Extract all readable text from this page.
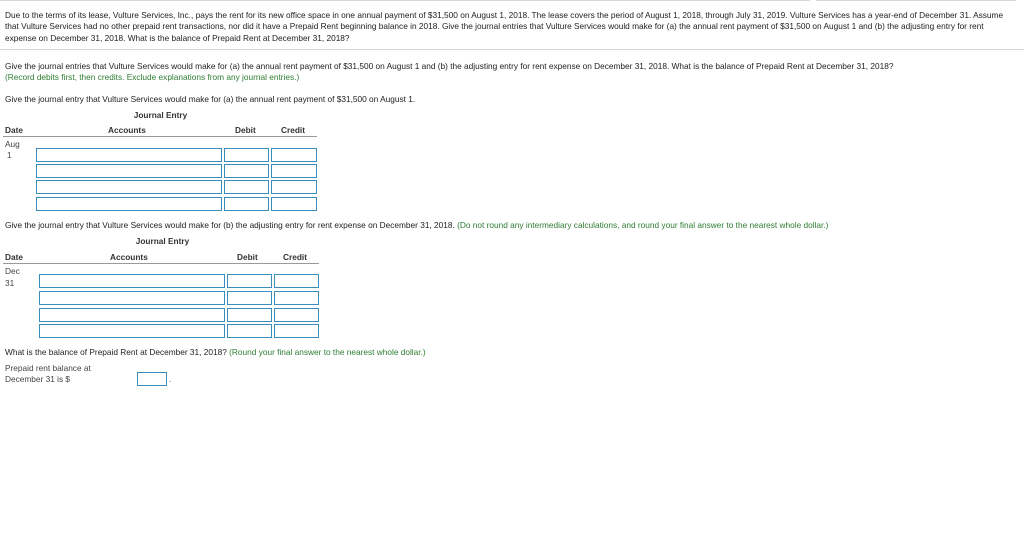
Due to the terms of its lease, Vulture Services, Inc., pays the rent for its new office space in one annual payment of $31,500 on August 1, 2018. The lease covers the period of August 1, 2018, through July 31, 2019. Vulture Services has a year-end of December 31. Assume that Vulture Services had no other prepaid rent transactions, nor did it have a Prepaid Rent beginning balance in 2018. Give the journal entries that Vulture Services would make for (a) the annual rent payment of $31,500 on August 1 and (b) the adjusting entry for rent expense on December 31, 2018. What is the balance of Prepaid Rent at December 31, 2018?
Give the journal entries that Vulture Services would make for (a) the annual rent payment of $31,500 on August 1 and (b) the adjusting entry for rent expense on December 31, 2018. What is the balance of Prepaid Rent at December 31, 2018?
(Record debits first, then credits. Exclude explanations from any journal entries.)
Give the journal entry that Vulture Services would make for (a) the annual rent payment of $31,500 on August 1.
Journal Entry
Date	Accounts	Debit	Credit
Aug
1
Give the journal entry that Vulture Services would make for (b) the adjusting entry for rent expense on December 31, 2018. (Do not round any intermediary calculations, and round your final answer to the nearest whole dollar.)
Journal Entry
Date	Accounts	Debit	Credit
Dec
31
What is the balance of Prepaid Rent at December 31, 2018? (Round your final answer to the nearest whole dollar.)
Prepaid rent balance at
December 31 is $	.
